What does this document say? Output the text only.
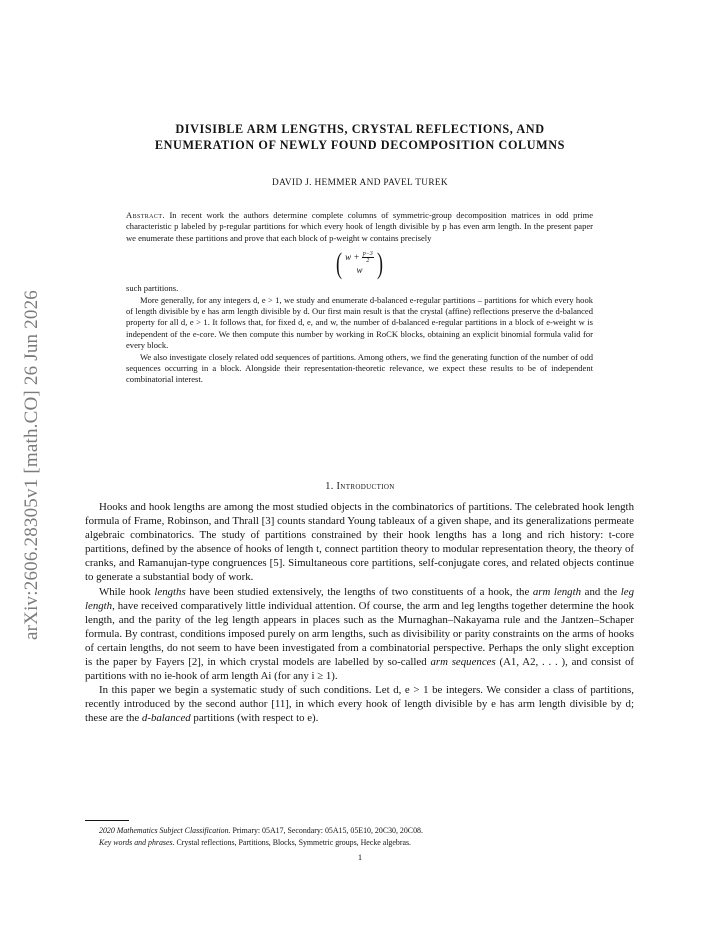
arXiv:2606.28305v1 [math.CO] 26 Jun 2026
DIVISIBLE ARM LENGTHS, CRYSTAL REFLECTIONS, AND
ENUMERATION OF NEWLY FOUND DECOMPOSITION COLUMNS
DAVID J. HEMMER AND PAVEL TUREK

Abstract. In recent work the authors determine complete columns of symmetric-group decomposition matrices in odd prime characteristic p labeled by p-regular partitions for which every hook of length divisible by p has even arm length. In the present paper we enumerate these partitions and prove that each block of p-weight w contains precisely

( $w + \frac{p-3}{2}$
w )

such partitions.

More generally, for any integers d, e > 1, we study and enumerate d-balanced e-regular partitions – partitions for which every hook of length divisible by e has arm length divisible by d. Our first main result is that the crystal (affine) reflections preserve the d-balanced property for all d, e > 1. It follows that, for fixed d, e, and w, the number of d-balanced e-regular partitions in a block of e-weight w is independent of the e-core. We then compute this number by working in RoCK blocks, obtaining an explicit binomial formula valid for every block.

We also investigate closely related odd sequences of partitions. Among others, we find the generating function of the number of odd sequences occurring in a block. Alongside their representation-theoretic relevance, we expect these results to be of independent combinatorial interest.

1. Introduction

Hooks and hook lengths are among the most studied objects in the combinatorics of partitions. The celebrated hook length formula of Frame, Robinson, and Thrall [3] counts standard Young tableaux of a given shape, and its generalizations permeate algebraic combinatorics. The study of partitions constrained by their hook lengths has a long and rich history: t-core partitions, defined by the absence of hooks of length t, connect partition theory to modular representation theory, the theory of cranks, and Ramanujan-type congruences [5]. Simultaneous core partitions, self-conjugate cores, and related objects continue to generate a substantial body of work.

While hook lengths have been studied extensively, the lengths of two constituents of a hook, the arm length and the leg length, have received comparatively little individual attention. Of course, the arm and leg lengths together determine the hook length, and the parity of the leg length appears in places such as the Murnaghan–Nakayama rule and the Jantzen–Schaper formula. By contrast, conditions imposed purely on arm lengths, such as divisibility or parity constraints on the arms of hooks of certain lengths, do not seem to have been investigated from a combinatorial perspective. Perhaps the only slight exception is the paper by Fayers [2], in which crystal models are labelled by so-called arm sequences (A1, A2, . . . ), and consist of partitions with no ie-hook of arm length Ai (for any i ≥ 1).

In this paper we begin a systematic study of such conditions. Let d, e > 1 be integers. We consider a class of partitions, recently introduced by the second author [11], in which every hook of length divisible by e has arm length divisible by d; these are the d-balanced partitions (with respect to e).

2020 Mathematics Subject Classification. Primary: 05A17, Secondary: 05A15, 05E10, 20C30, 20C08.
Key words and phrases. Crystal reflections, Partitions, Blocks, Symmetric groups, Hecke algebras.
1
